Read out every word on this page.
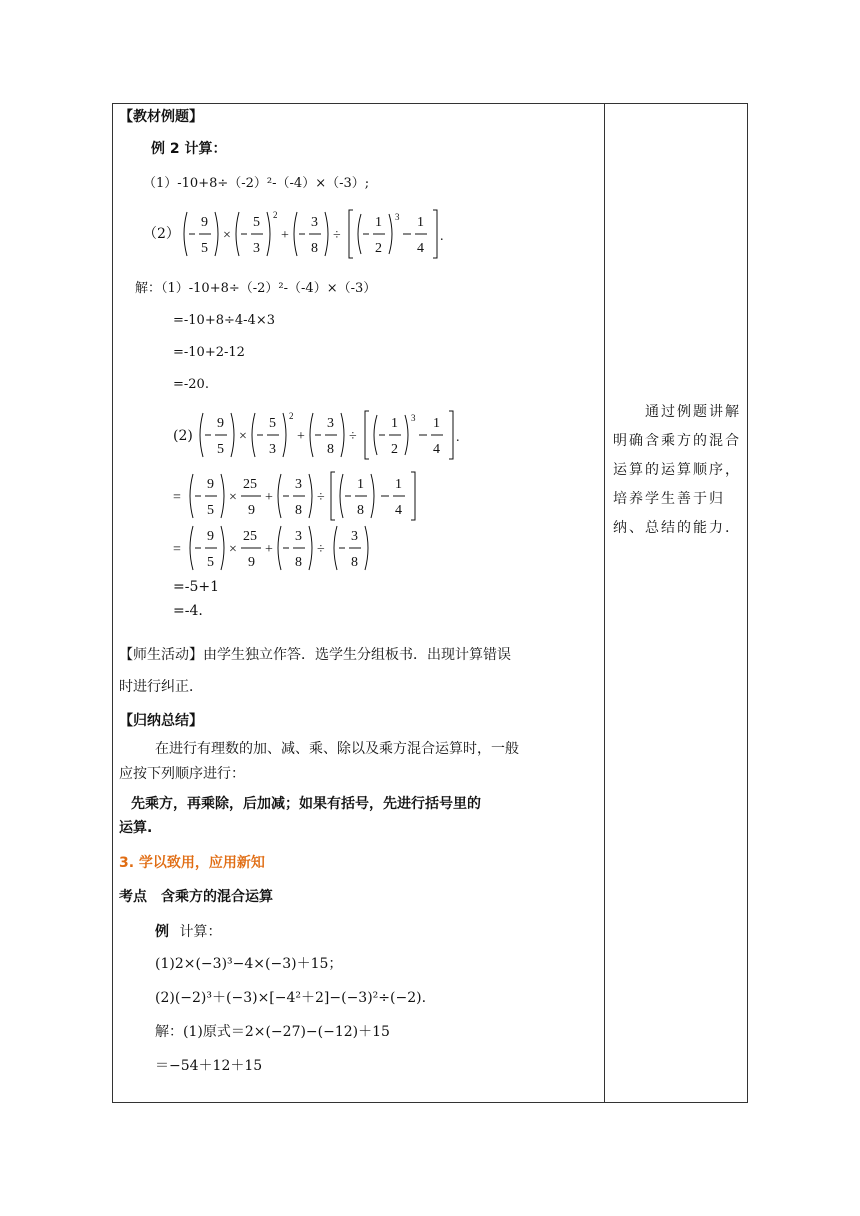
【教材例题】
例 2 计算：
（1）-10+8÷（-2）²-（-4）×（-3）;
（2）
9
5
×
5
3
2
+
3
8
÷
1
2
3 1
4
.
解：（1）-10+8÷（-2）²-（-4）×（-3）
=-10+8÷4-4×3
=-10+2-12
=-20.
(2)
9
5
×
5
3
2
+
3
8
÷
1
2
3 1
4
.
=
9
5
×
25
9
+
3
8
÷
1
8
1
4
=
9
5
×
25
9
+
3
8
÷
3
8
=-5+1
=-4.
【师生活动】由学生独立作答．选学生分组板书．出现计算错误
时进行纠正．
【归纳总结】
在进行有理数的加、减、乘、除以及乘方混合运算时，一般
应按下列顺序进行：
先乘方，再乘除，后加减；如果有括号，先进行括号里的
运算.
3. 学以致用，应用新知
考点　含乘方的混合运算
例 计算：
(1)2×(−3)³−4×(−3)＋15；
(2)(−2)³＋(−3)×[−4²＋2]−(−3)²÷(−2).
解：(1)原式＝2×(−27)−(−12)＋15
＝−54＋12＋15
通过例题讲解明确含乘方的混合运算的运算顺序，培养学生善于归纳、总结的能力.
